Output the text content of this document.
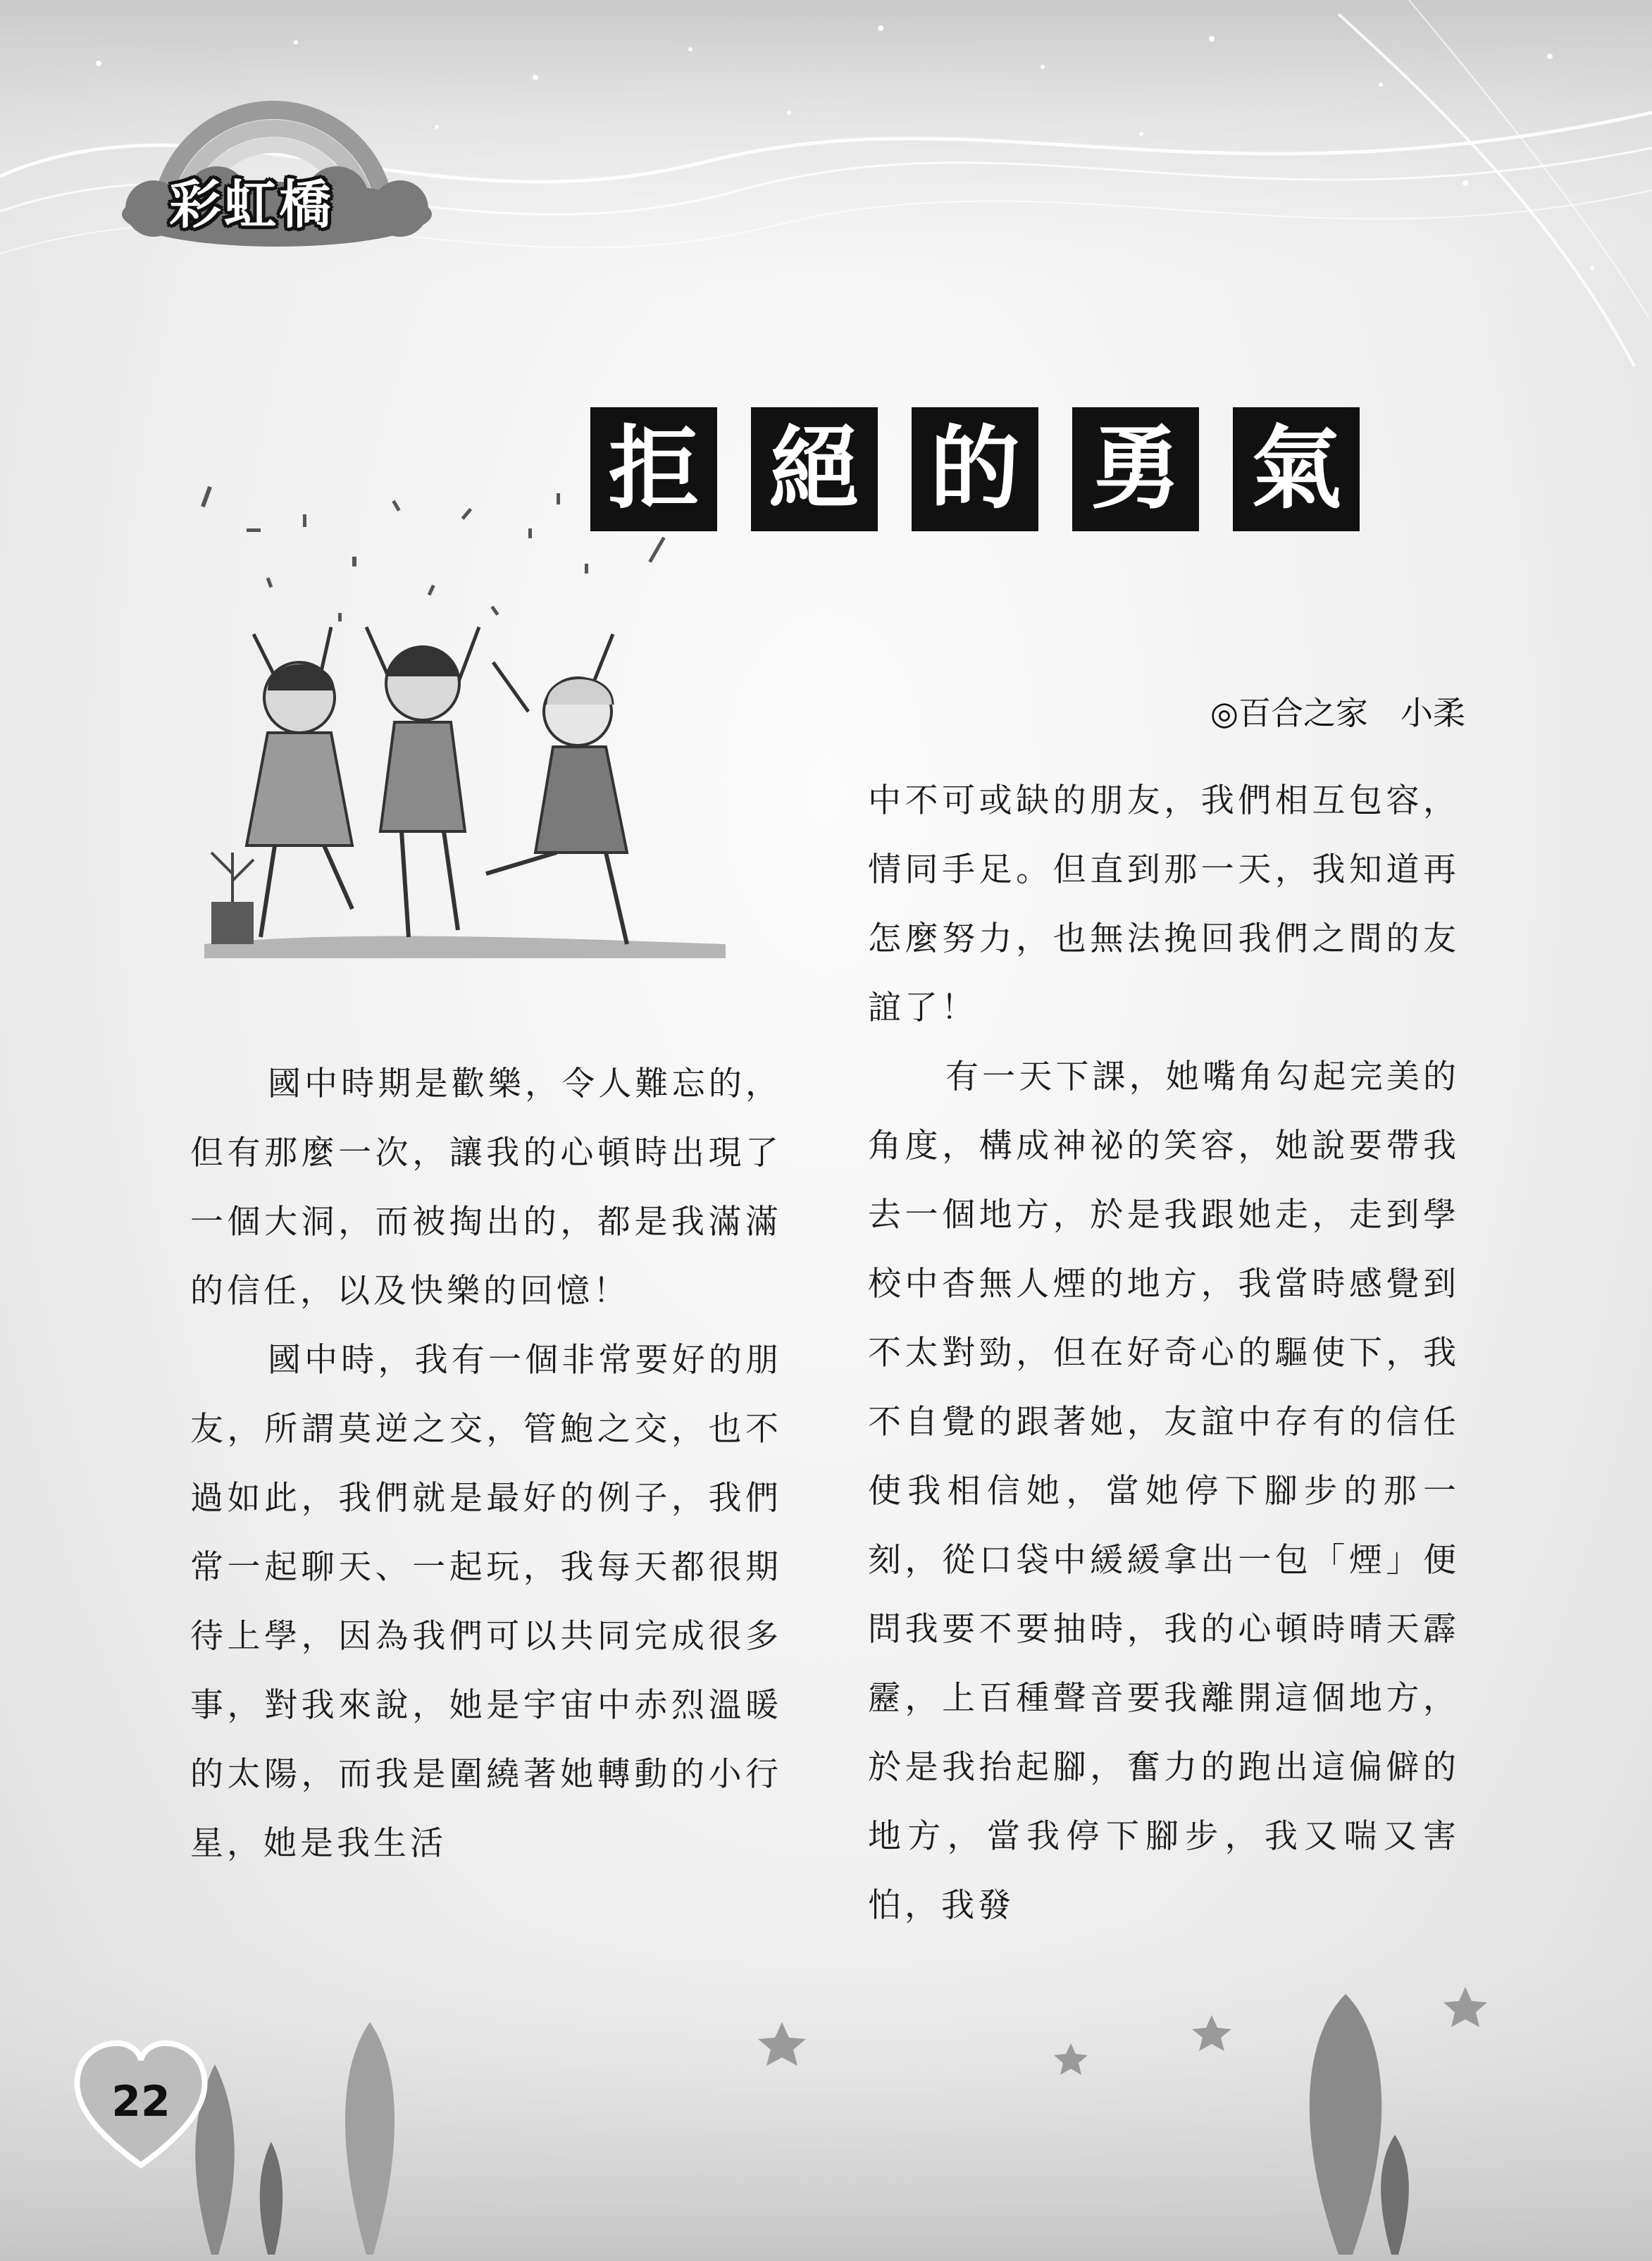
彩虹橋
拒 絕 的 勇 氣
◎百合之家　小柔

國中時期是歡樂，令人難忘的，但有那麼一次，讓我的心頓時出現了一個大洞，而被掏出的，都是我滿滿的信任，以及快樂的回憶！

國中時，我有一個非常要好的朋友，所謂莫逆之交，管鮑之交，也不過如此，我們就是最好的例子，我們常一起聊天、一起玩，我每天都很期待上學，因為我們可以共同完成很多事，對我來說，她是宇宙中赤烈溫暖的太陽，而我是圍繞著她轉動的小行星，她是我生活

中不可或缺的朋友，我們相互包容，情同手足。但直到那一天，我知道再怎麼努力，也無法挽回我們之間的友誼了！

有一天下課，她嘴角勾起完美的角度，構成神祕的笑容，她說要帶我去一個地方，於是我跟她走，走到學校中杳無人煙的地方，我當時感覺到不太對勁，但在好奇心的驅使下，我不自覺的跟著她，友誼中存有的信任使我相信她，當她停下腳步的那一刻，從口袋中緩緩拿出一包「煙」便問我要不要抽時，我的心頓時晴天霹靂，上百種聲音要我離開這個地方，於是我抬起腳，奮力的跑出這偏僻的地方，當我停下腳步，我又喘又害怕，我發

22
